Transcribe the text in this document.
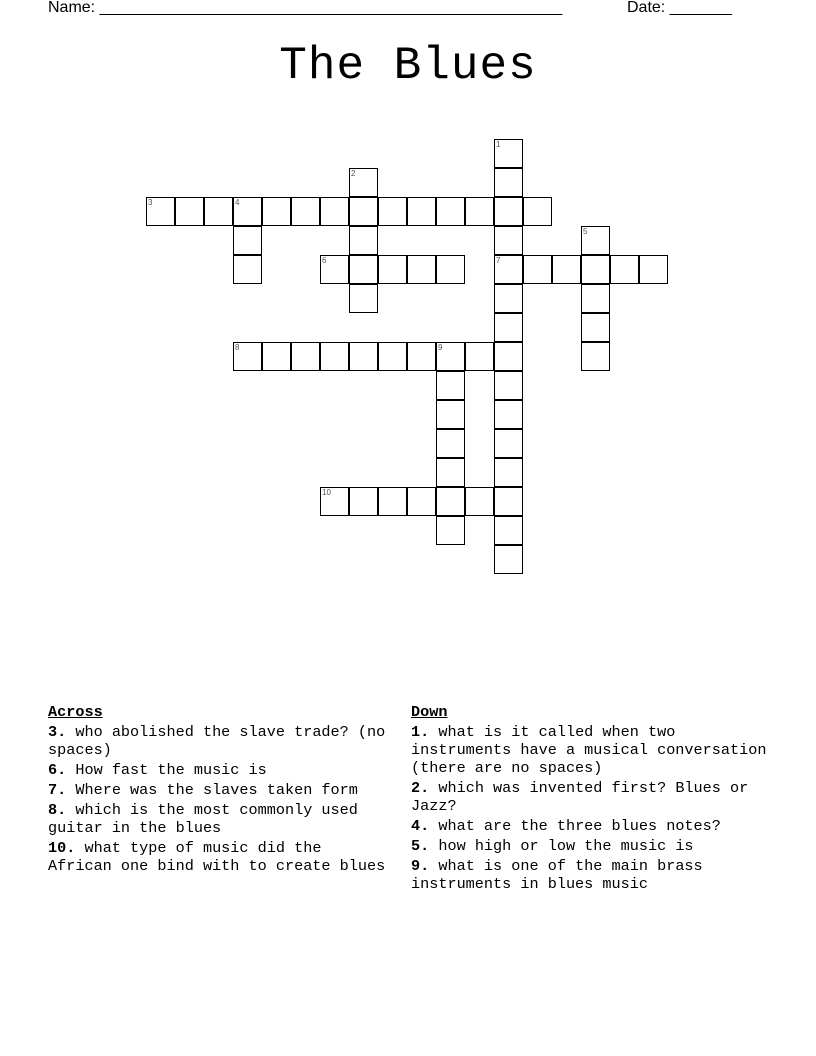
Name: ____________________________________________________	Date: _______
The Blues
1
2
3	4
5
6	7
8	9
10
Across
3. who abolished the slave trade? (no spaces)
6. How fast the music is
7. Where was the slaves taken form
8. which is the most commonly used guitar in the blues
10. what type of music did the African one bind with to create blues
Down
1. what is it called when two instruments have a musical conversation (there are no spaces)
2. which was invented first? Blues or Jazz?
4. what are the three blues notes?
5. how high or low the music is
9. what is one of the main brass instruments in blues music
